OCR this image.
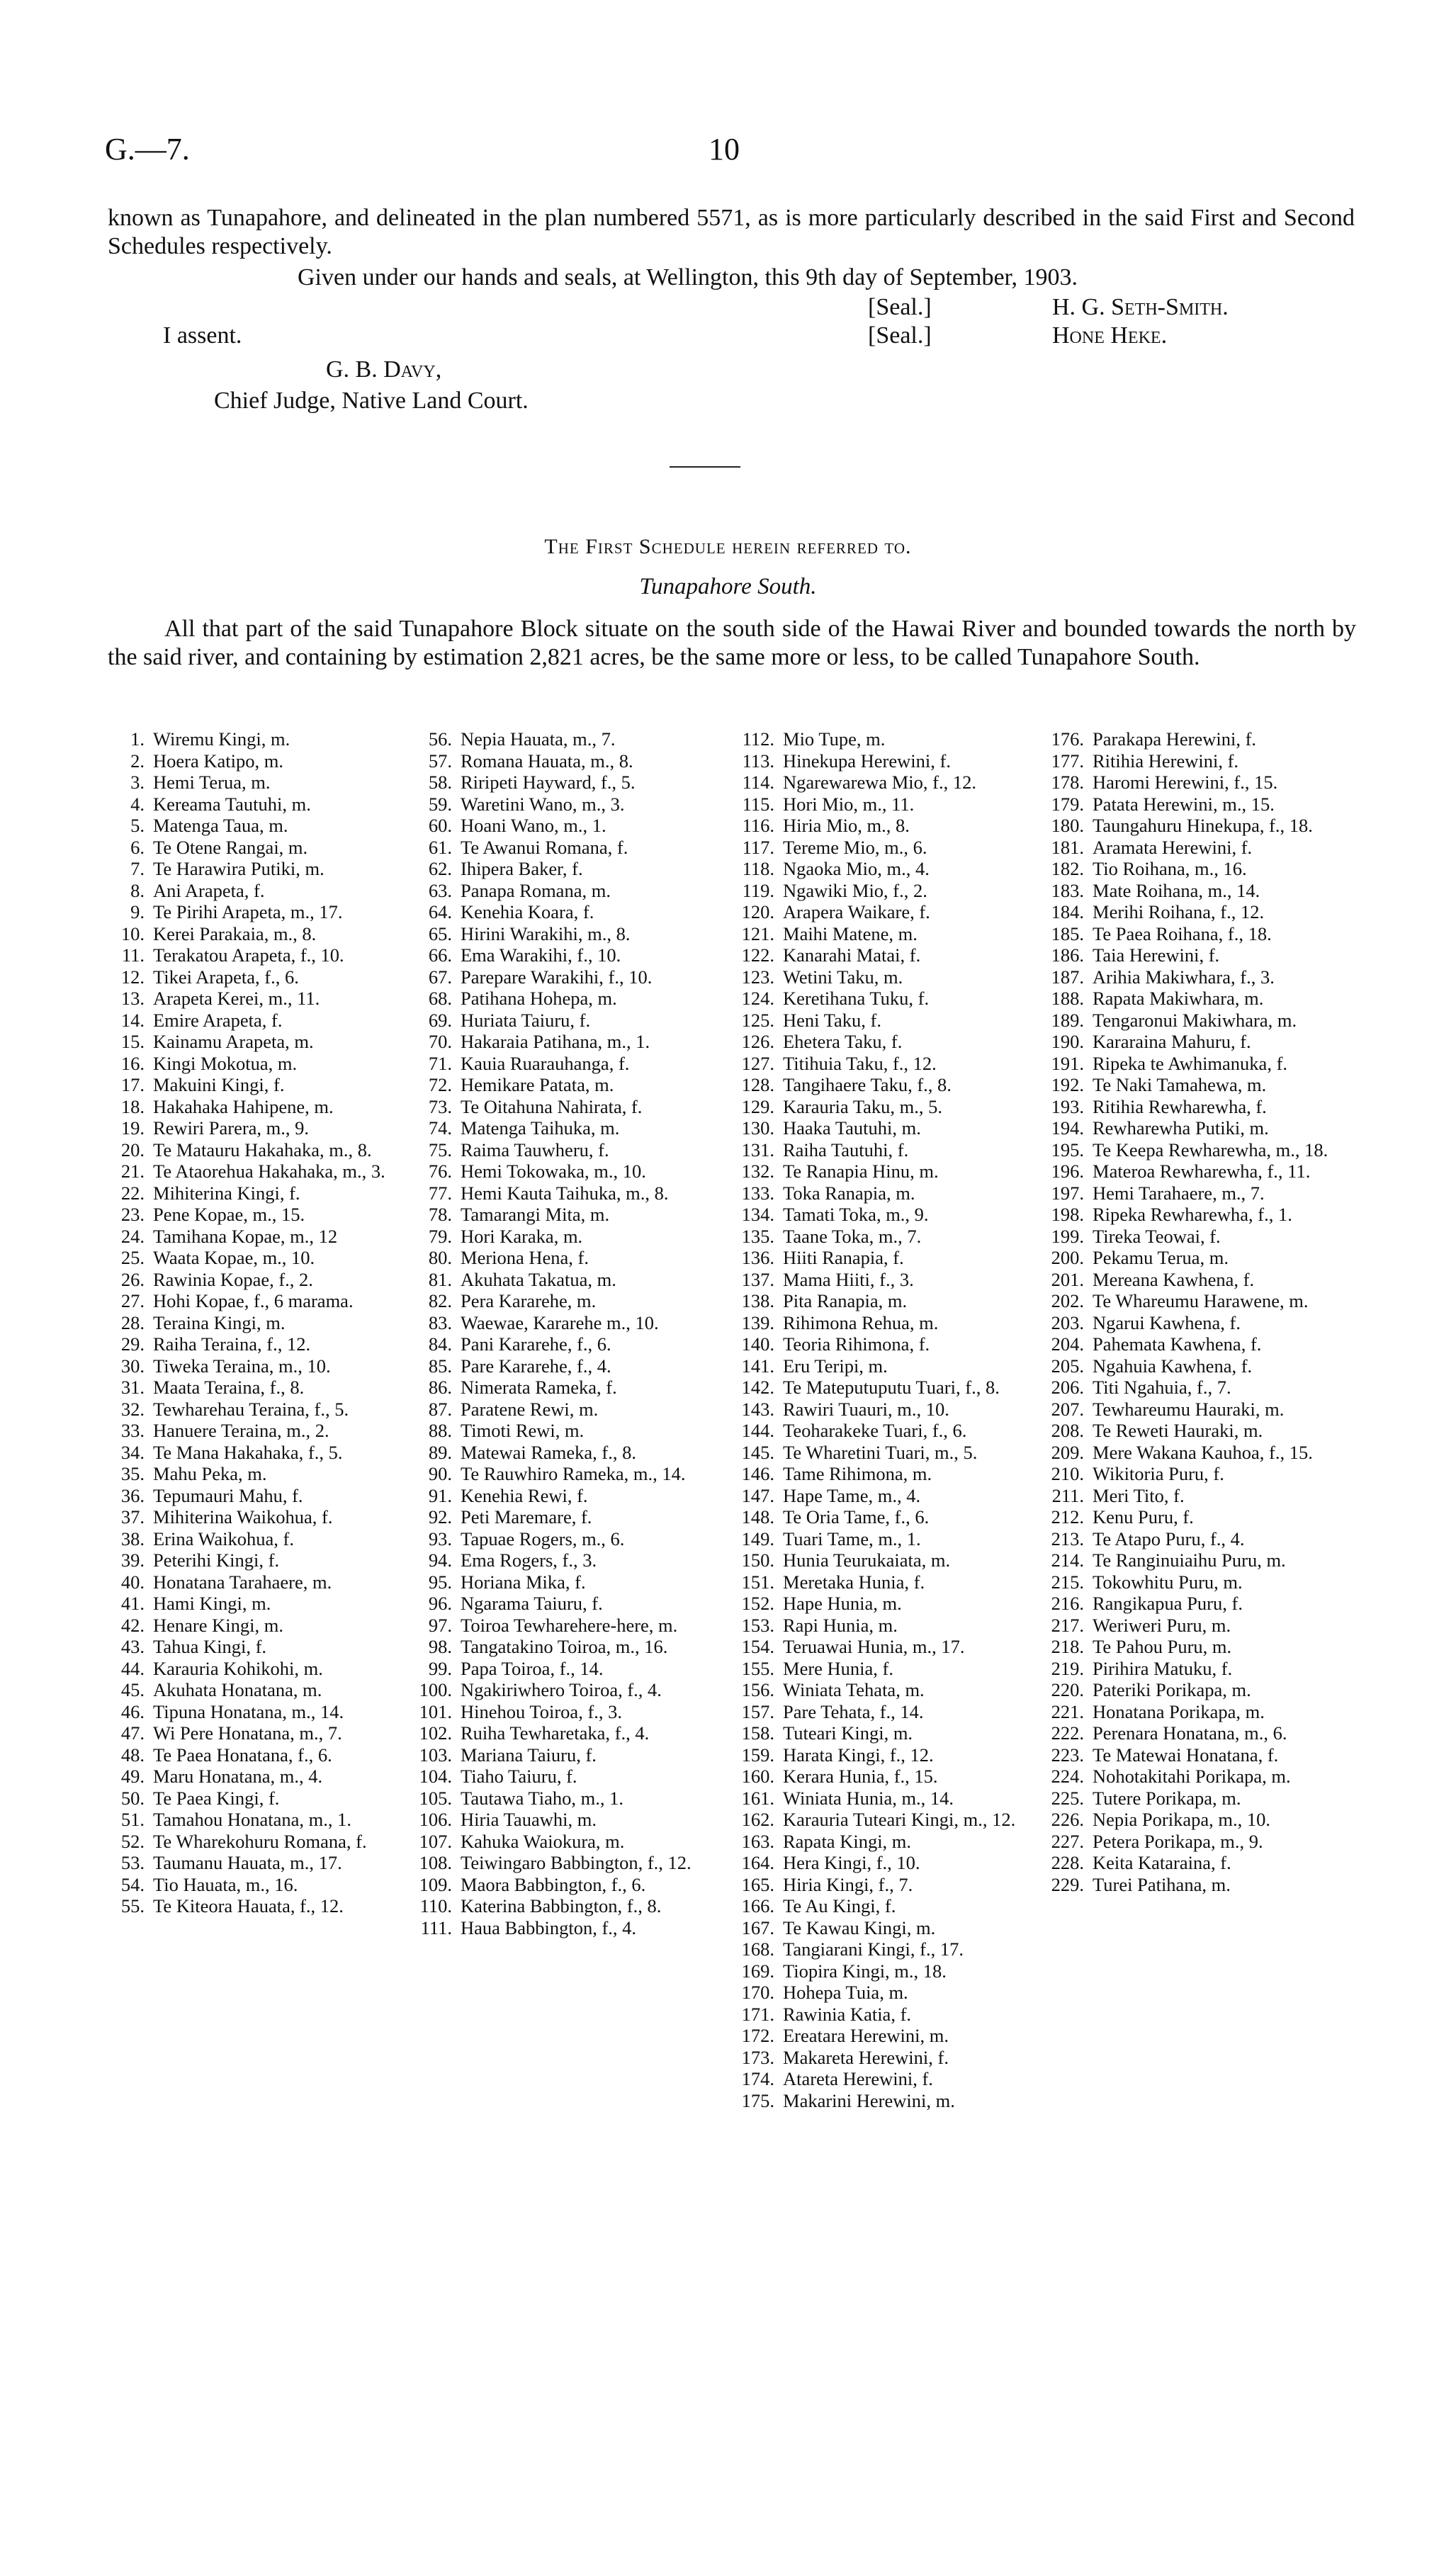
G.—7.	10
known as Tunapahore, and delineated in the plan numbered 5571, as is more particularly described in the said First and Second Schedules respectively.
Given under our hands and seals, at Wellington, this 9th day of September, 1903.
[Seal.]	H. G. Seth-Smith.
I assent.	[Seal.]	Hone Heke.
G. B. Davy,
Chief Judge, Native Land Court.
The First Schedule herein referred to.
Tunapahore South.
All that part of the said Tunapahore Block situate on the south side of the Hawai River and bounded towards the north by the said river, and containing by estimation 2,821 acres, be the same more or less, to be called Tunapahore South.
1. Wiremu Kingi, m.
2. Hoera Katipo, m.
3. Hemi Terua, m.
4. Kereama Tautuhi, m.
5. Matenga Taua, m.
6. Te Otene Rangai, m.
7. Te Harawira Putiki, m.
8. Ani Arapeta, f.
9. Te Pirihi Arapeta, m., 17.
10. Kerei Parakaia, m., 8.
11. Terakatou Arapeta, f., 10.
12. Tikei Arapeta, f., 6.
13. Arapeta Kerei, m., 11.
14. Emire Arapeta, f.
15. Kainamu Arapeta, m.
16. Kingi Mokotua, m.
17. Makuini Kingi, f.
18. Hakahaka Hahipene, m.
19. Rewiri Parera, m., 9.
20. Te Matauru Hakahaka, m., 8.
21. Te Ataorehua Hakahaka, m., 3.
22. Mihiterina Kingi, f.
23. Pene Kopae, m., 15.
24. Tamihana Kopae, m., 12
25. Waata Kopae, m., 10.
26. Rawinia Kopae, f., 2.
27. Hohi Kopae, f., 6 marama.
28. Teraina Kingi, m.
29. Raiha Teraina, f., 12.
30. Tiweka Teraina, m., 10.
31. Maata Teraina, f., 8.
32. Tewharehau Teraina, f., 5.
33. Hanuere Teraina, m., 2.
34. Te Mana Hakahaka, f., 5.
35. Mahu Peka, m.
36. Tepumauri Mahu, f.
37. Mihiterina Waikohua, f.
38. Erina Waikohua, f.
39. Peterihi Kingi, f.
40. Honatana Tarahaere, m.
41. Hami Kingi, m.
42. Henare Kingi, m.
43. Tahua Kingi, f.
44. Karauria Kohikohi, m.
45. Akuhata Honatana, m.
46. Tipuna Honatana, m., 14.
47. Wi Pere Honatana, m., 7.
48. Te Paea Honatana, f., 6.
49. Maru Honatana, m., 4.
50. Te Paea Kingi, f.
51. Tamahou Honatana, m., 1.
52. Te Wharekohuru Romana, f.
53. Taumanu Hauata, m., 17.
54. Tio Hauata, m., 16.
55. Te Kiteora Hauata, f., 12.
56. Nepia Hauata, m., 7.
57. Romana Hauata, m., 8.
58. Riripeti Hayward, f., 5.
59. Waretini Wano, m., 3.
60. Hoani Wano, m., 1.
61. Te Awanui Romana, f.
62. Ihipera Baker, f.
63. Panapa Romana, m.
64. Kenehia Koara, f.
65. Hirini Warakihi, m., 8.
66. Ema Warakihi, f., 10.
67. Parepare Warakihi, f., 10.
68. Patihana Hohepa, m.
69. Huriata Taiuru, f.
70. Hakaraia Patihana, m., 1.
71. Kauia Ruarauhanga, f.
72. Hemikare Patata, m.
73. Te Oitahuna Nahirata, f.
74. Matenga Taihuka, m.
75. Raima Tauwheru, f.
76. Hemi Tokowaka, m., 10.
77. Hemi Kauta Taihuka, m., 8.
78. Tamarangi Mita, m.
79. Hori Karaka, m.
80. Meriona Hena, f.
81. Akuhata Takatua, m.
82. Pera Kararehe, m.
83. Waewae, Kararehe m., 10.
84. Pani Kararehe, f., 6.
85. Pare Kararehe, f., 4.
86. Nimerata Rameka, f.
87. Paratene Rewi, m.
88. Timoti Rewi, m.
89. Matewai Rameka, f., 8.
90. Te Rauwhiro Rameka, m., 14.
91. Kenehia Rewi, f.
92. Peti Maremare, f.
93. Tapuae Rogers, m., 6.
94. Ema Rogers, f., 3.
95. Horiana Mika, f.
96. Ngarama Taiuru, f.
97. Toiroa Tewharehere-here, m.
98. Tangatakino Toiroa, m., 16.
99. Papa Toiroa, f., 14.
100. Ngakiriwhero Toiroa, f., 4.
101. Hinehou Toiroa, f., 3.
102. Ruiha Tewharetaka, f., 4.
103. Mariana Taiuru, f.
104. Tiaho Taiuru, f.
105. Tautawa Tiaho, m., 1.
106. Hiria Tauawhi, m.
107. Kahuka Waiokura, m.
108. Teiwingaro Babbington, f., 12.
109. Maora Babbington, f., 6.
110. Katerina Babbington, f., 8.
111. Haua Babbington, f., 4.
112. Mio Tupe, m.
113. Hinekupa Herewini, f.
114. Ngarewarewa Mio, f., 12.
115. Hori Mio, m., 11.
116. Hiria Mio, m., 8.
117. Tereme Mio, m., 6.
118. Ngaoka Mio, m., 4.
119. Ngawiki Mio, f., 2.
120. Arapera Waikare, f.
121. Maihi Matene, m.
122. Kanarahi Matai, f.
123. Wetini Taku, m.
124. Keretihana Tuku, f.
125. Heni Taku, f.
126. Ehetera Taku, f.
127. Titihuia Taku, f., 12.
128. Tangihaere Taku, f., 8.
129. Karauria Taku, m., 5.
130. Haaka Tautuhi, m.
131. Raiha Tautuhi, f.
132. Te Ranapia Hinu, m.
133. Toka Ranapia, m.
134. Tamati Toka, m., 9.
135. Taane Toka, m., 7.
136. Hiiti Ranapia, f.
137. Mama Hiiti, f., 3.
138. Pita Ranapia, m.
139. Rihimona Rehua, m.
140. Teoria Rihimona, f.
141. Eru Teripi, m.
142. Te Mateputuputu Tuari, f., 8.
143. Rawiri Tuauri, m., 10.
144. Teoharakeke Tuari, f., 6.
145. Te Wharetini Tuari, m., 5.
146. Tame Rihimona, m.
147. Hape Tame, m., 4.
148. Te Oria Tame, f., 6.
149. Tuari Tame, m., 1.
150. Hunia Teurukaiata, m.
151. Meretaka Hunia, f.
152. Hape Hunia, m.
153. Rapi Hunia, m.
154. Teruawai Hunia, m., 17.
155. Mere Hunia, f.
156. Winiata Tehata, m.
157. Pare Tehata, f., 14.
158. Tuteari Kingi, m.
159. Harata Kingi, f., 12.
160. Kerara Hunia, f., 15.
161. Winiata Hunia, m., 14.
162. Karauria Tuteari Kingi, m., 12.
163. Rapata Kingi, m.
164. Hera Kingi, f., 10.
165. Hiria Kingi, f., 7.
166. Te Au Kingi, f.
167. Te Kawau Kingi, m.
168. Tangiarani Kingi, f., 17.
169. Tiopira Kingi, m., 18.
170. Hohepa Tuia, m.
171. Rawinia Katia, f.
172. Ereatara Herewini, m.
173. Makareta Herewini, f.
174. Atareta Herewini, f.
175. Makarini Herewini, m.
176. Parakapa Herewini, f.
177. Ritihia Herewini, f.
178. Haromi Herewini, f., 15.
179. Patata Herewini, m., 15.
180. Taungahuru Hinekupa, f., 18.
181. Aramata Herewini, f.
182. Tio Roihana, m., 16.
183. Mate Roihana, m., 14.
184. Merihi Roihana, f., 12.
185. Te Paea Roihana, f., 18.
186. Taia Herewini, f.
187. Arihia Makiwhara, f., 3.
188. Rapata Makiwhara, m.
189. Tengaronui Makiwhara, m.
190. Kararaina Mahuru, f.
191. Ripeka te Awhimanuka, f.
192. Te Naki Tamahewa, m.
193. Ritihia Rewharewha, f.
194. Rewharewha Putiki, m.
195. Te Keepa Rewharewha, m., 18.
196. Materoa Rewharewha, f., 11.
197. Hemi Tarahaere, m., 7.
198. Ripeka Rewharewha, f., 1.
199. Tireka Teowai, f.
200. Pekamu Terua, m.
201. Mereana Kawhena, f.
202. Te Whareumu Harawene, m.
203. Ngarui Kawhena, f.
204. Pahemata Kawhena, f.
205. Ngahuia Kawhena, f.
206. Titi Ngahuia, f., 7.
207. Tewhareumu Hauraki, m.
208. Te Reweti Hauraki, m.
209. Mere Wakana Kauhoa, f., 15.
210. Wikitoria Puru, f.
211. Meri Tito, f.
212. Kenu Puru, f.
213. Te Atapo Puru, f., 4.
214. Te Ranginuiaihu Puru, m.
215. Tokowhitu Puru, m.
216. Rangikapua Puru, f.
217. Weriweri Puru, m.
218. Te Pahou Puru, m.
219. Pirihira Matuku, f.
220. Pateriki Porikapa, m.
221. Honatana Porikapa, m.
222. Perenara Honatana, m., 6.
223. Te Matewai Honatana, f.
224. Nohotakitahi Porikapa, m.
225. Tutere Porikapa, m.
226. Nepia Porikapa, m., 10.
227. Petera Porikapa, m., 9.
228. Keita Kataraina, f.
229. Turei Patihana, m.
